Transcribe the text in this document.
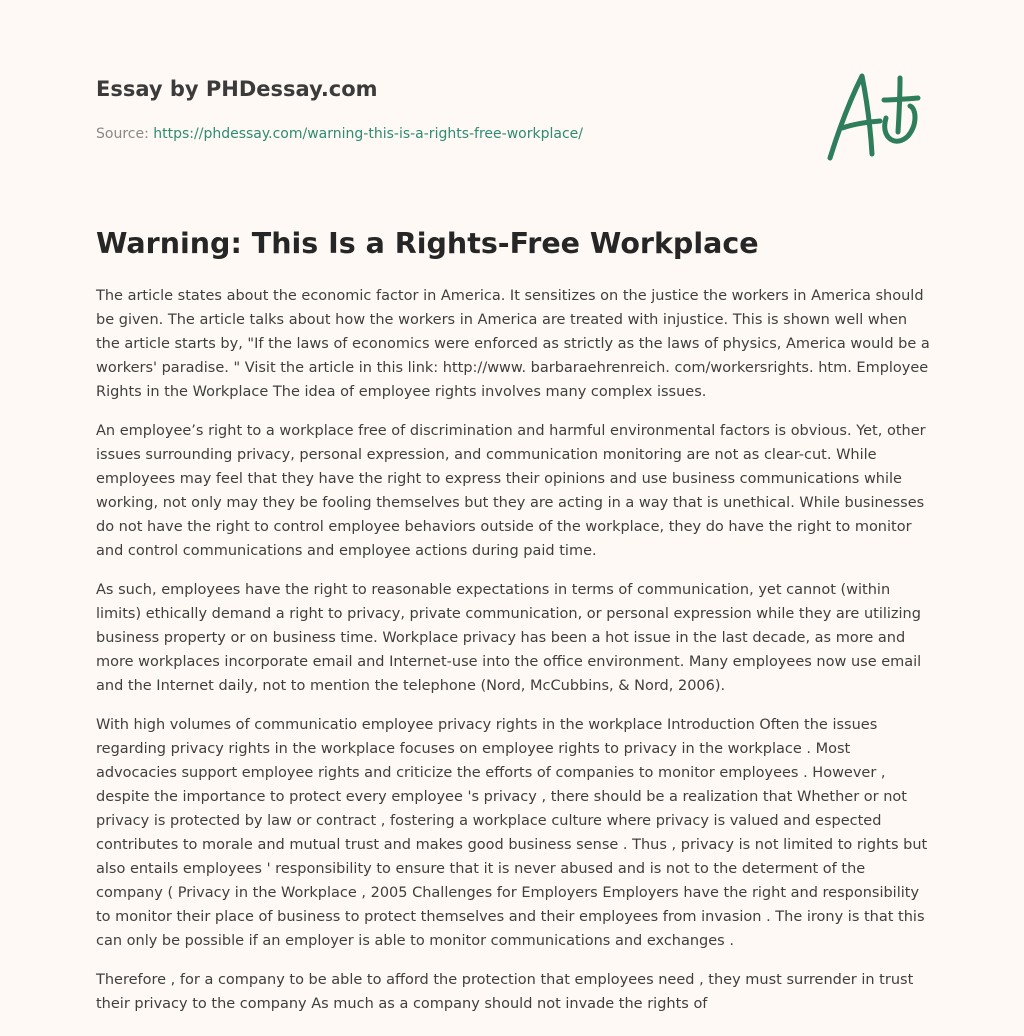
Essay by PHDessay.com
Source: https://phdessay.com/warning-this-is-a-rights-free-workplace/
Warning: This Is a Rights-Free Workplace

The article states about the economic factor in America. It sensitizes on the justice the workers in America should be given. The article talks about how the workers in America are treated with injustice. This is shown well when the article starts by, "If the laws of economics were enforced as strictly as the laws of physics, America would be a workers' paradise. " Visit the article in this link: http://www. barbaraehrenreich. com/workersrights. htm. Employee Rights in the Workplace The idea of employee rights involves many complex issues.

An employee’s right to a workplace free of discrimination and harmful environmental factors is obvious. Yet, other issues surrounding privacy, personal expression, and communication monitoring are not as clear-cut. While employees may feel that they have the right to express their opinions and use business communications while working, not only may they be fooling themselves but they are acting in a way that is unethical. While businesses do not have the right to control employee behaviors outside of the workplace, they do have the right to monitor and control communications and employee actions during paid time.

As such, employees have the right to reasonable expectations in terms of communication, yet cannot (within limits) ethically demand a right to privacy, private communication, or personal expression while they are utilizing business property or on business time. Workplace privacy has been a hot issue in the last decade, as more and more workplaces incorporate email and Internet-use into the office environment. Many employees now use email and the Internet daily, not to mention the telephone (Nord, McCubbins, & Nord, 2006).

With high volumes of communicatio employee privacy rights in the workplace Introduction Often the issues regarding privacy rights in the workplace focuses on employee rights to privacy in the workplace . Most advocacies support employee rights and criticize the efforts of companies to monitor employees . However , despite the importance to protect every employee 's privacy , there should be a realization that Whether or not privacy is protected by law or contract , fostering a workplace culture where privacy is valued and espected contributes to morale and mutual trust and makes good business sense . Thus , privacy is not limited to rights but also entails employees ' responsibility to ensure that it is never abused and is not to the determent of the company ( Privacy in the Workplace , 2005 Challenges for Employers Employers have the right and responsibility to monitor their place of business to protect themselves and their employees from invasion . The irony is that this can only be possible if an employer is able to monitor communications and exchanges .

Therefore , for a company to be able to afford the protection that employees need , they must surrender in trust their privacy to the company As much as a company should not invade the rights of
